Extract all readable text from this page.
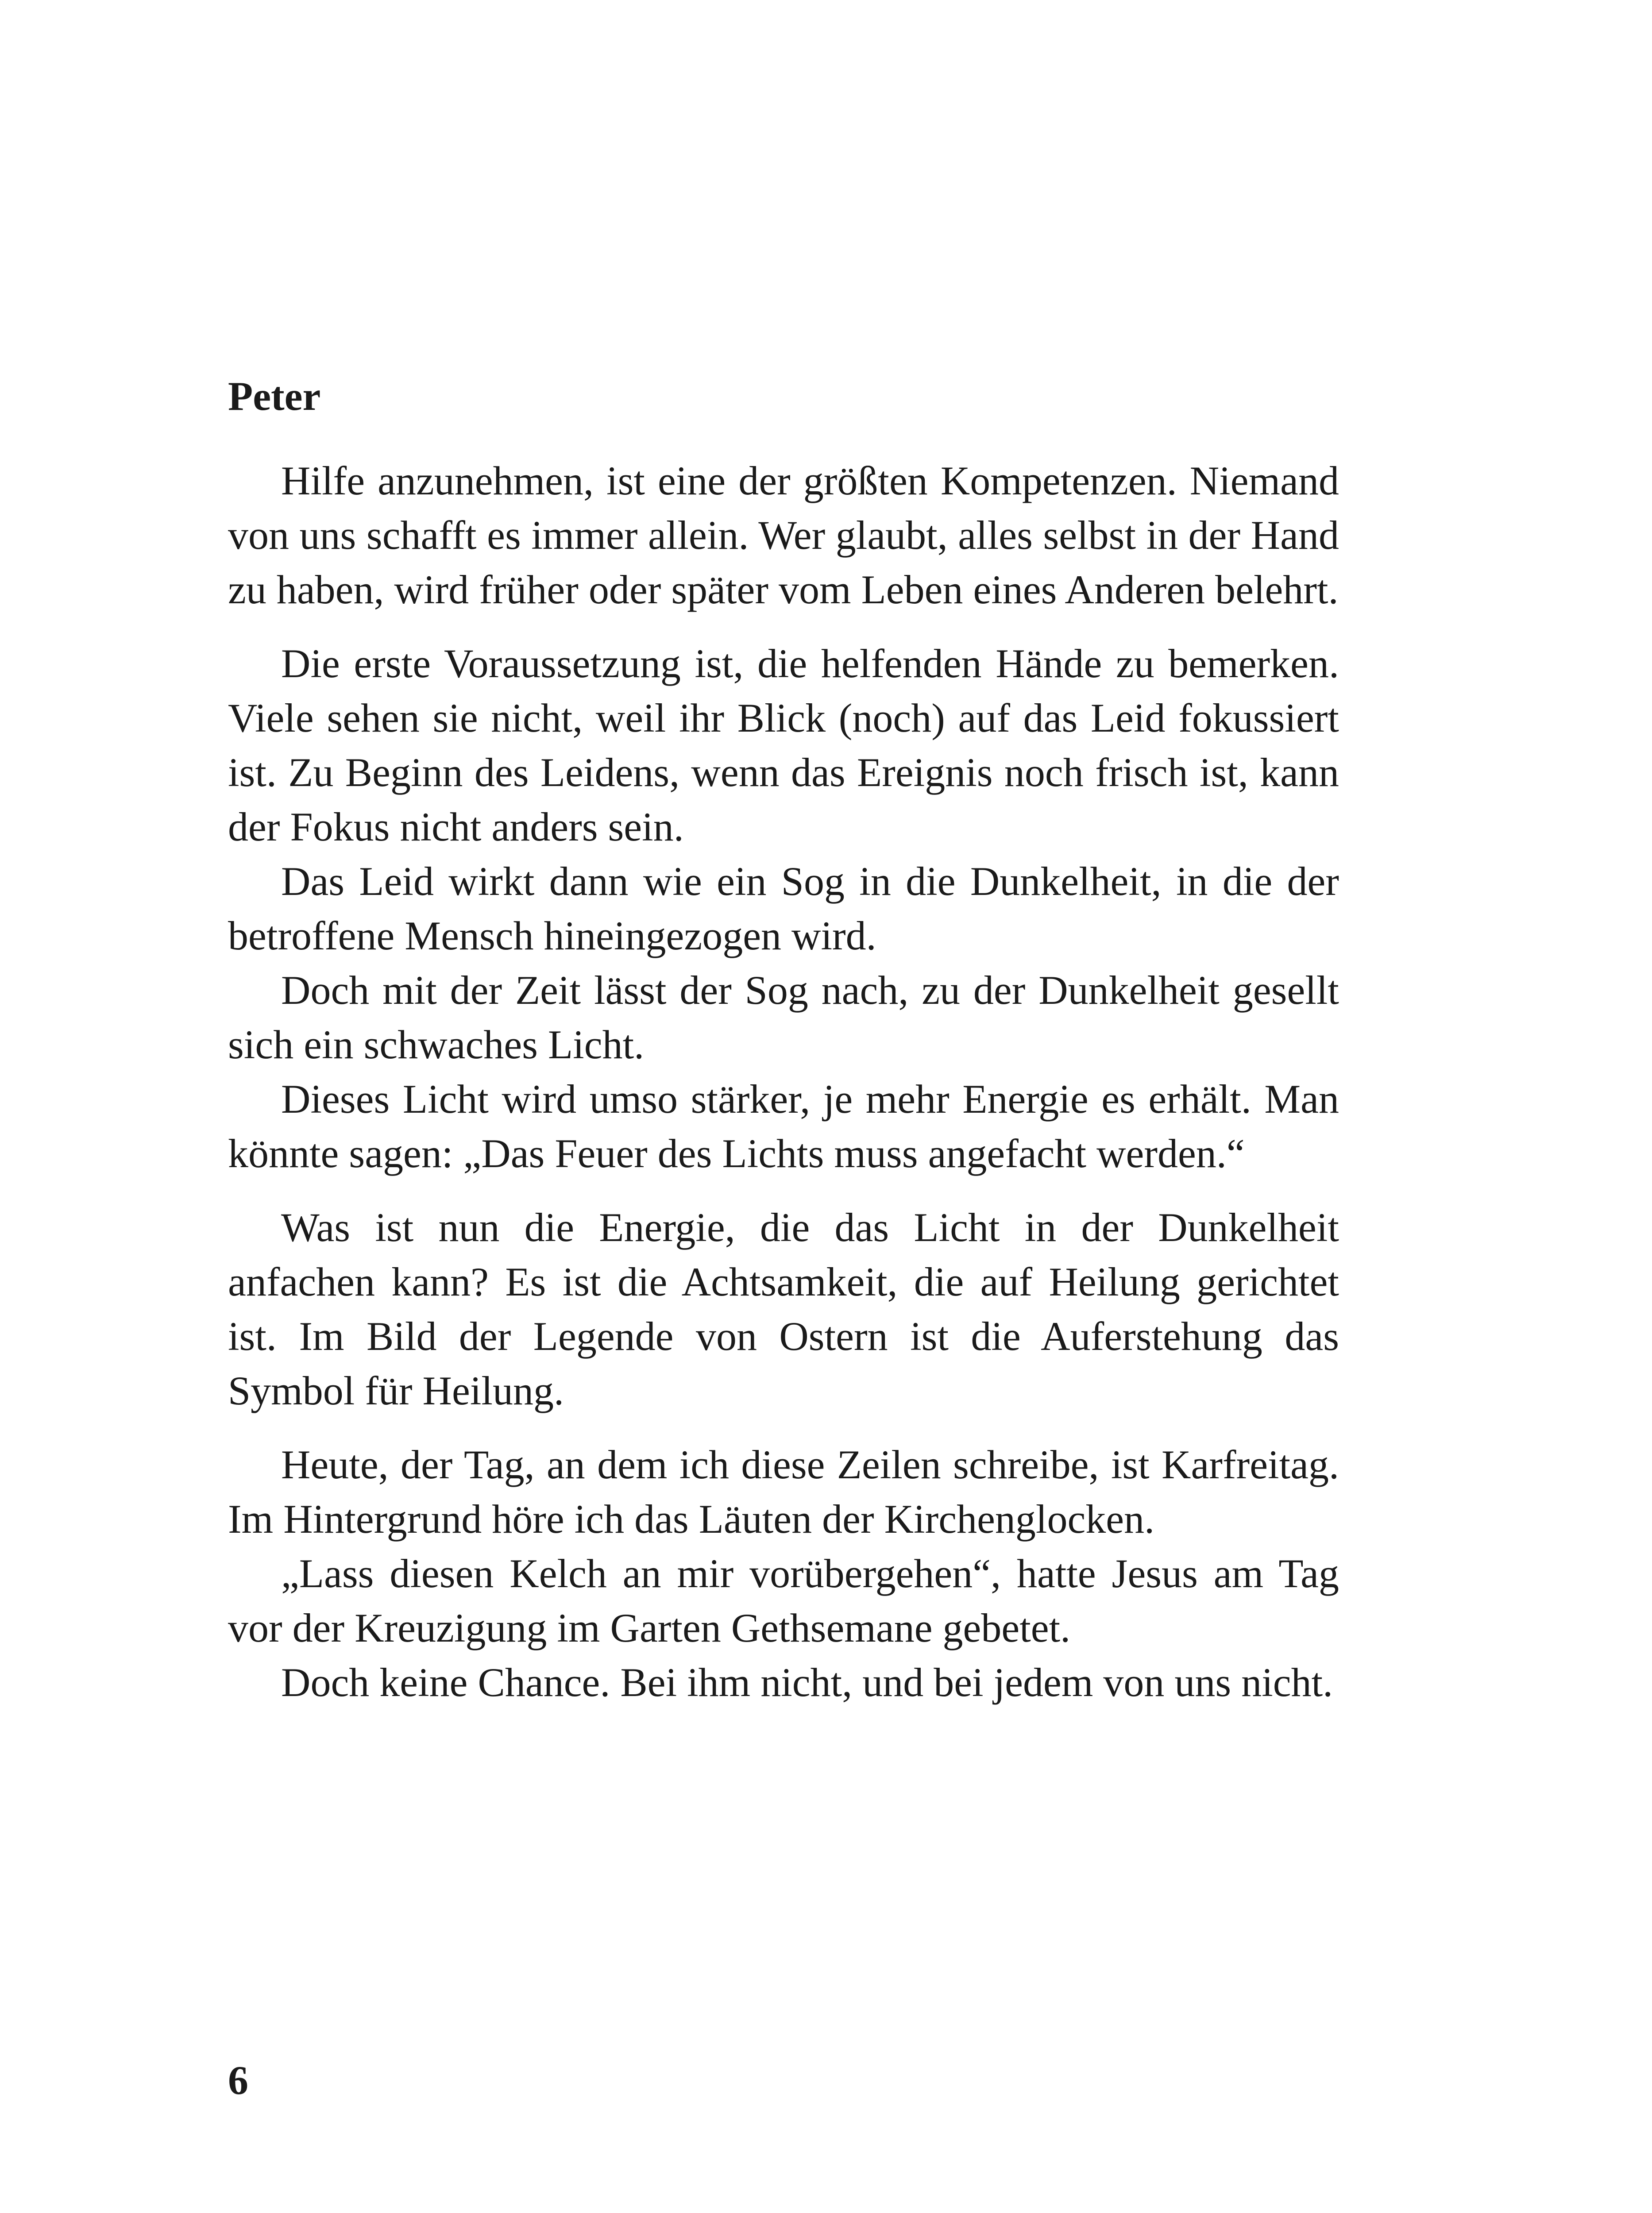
Peter

Hilfe anzunehmen, ist eine der größten Kompetenzen. Niemand von uns schafft es immer allein. Wer glaubt, alles selbst in der Hand zu haben, wird früher oder später vom Leben eines Anderen belehrt.

Die erste Voraussetzung ist, die helfenden Hände zu bemerken. Viele sehen sie nicht, weil ihr Blick (noch) auf das Leid fokussiert ist. Zu Beginn des Leidens, wenn das Ereignis noch frisch ist, kann der Fokus nicht anders sein.

Das Leid wirkt dann wie ein Sog in die Dunkelheit, in die der betroffene Mensch hineingezogen wird.

Doch mit der Zeit lässt der Sog nach, zu der Dunkelheit gesellt sich ein schwaches Licht.

Dieses Licht wird umso stärker, je mehr Energie es erhält. Man könnte sagen: „Das Feuer des Lichts muss angefacht werden.“

Was ist nun die Energie, die das Licht in der Dunkelheit anfachen kann? Es ist die Achtsamkeit, die auf Heilung gerichtet ist. Im Bild der Legende von Ostern ist die Auferstehung das Symbol für Heilung.

Heute, der Tag, an dem ich diese Zeilen schreibe, ist Karfreitag. Im Hintergrund höre ich das Läuten der Kirchenglocken.

„Lass diesen Kelch an mir vorübergehen“, hatte Jesus am Tag vor der Kreuzigung im Garten Gethsemane gebetet.

Doch keine Chance. Bei ihm nicht, und bei jedem von uns nicht.

6
